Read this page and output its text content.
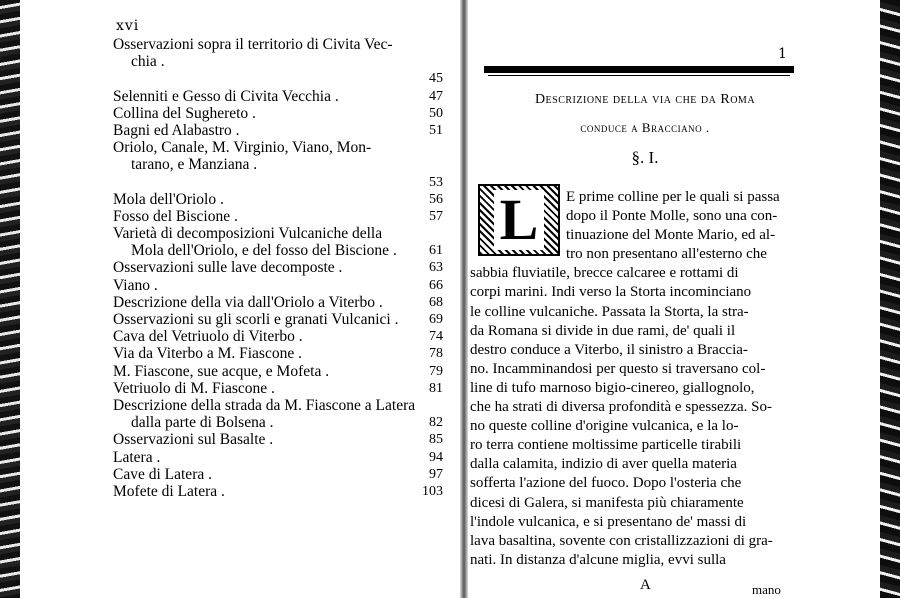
xvi
Osservazioni sopra il territorio di Civita Vec-
chia .
45
Selenniti e Gesso di Civita Vecchia .	47
Collina del Sughereto .	50
Bagni ed Alabastro .	51
Oriolo, Canale, M. Virginio, Viano, Mon-
tarano, e Manziana .
53
Mola dell'Oriolo .	56
Fosso del Biscione .	57
Varietà di decomposizioni Vulcaniche della
Mola dell'Oriolo, e del fosso del Biscione . 61
Osservazioni sulle lave decomposte .	63
Viano .	66
Descrizione della via dall'Oriolo a Viterbo .	68
Osservazioni su gli scorli e granati Vulcanici . 69
Cava del Vetriuolo di Viterbo .	74
Via da Viterbo a M. Fiascone .	78
M. Fiascone, sue acque, e Mofeta .	79
Vetriuolo di M. Fiascone .	81
Descrizione della strada da M. Fiascone a Latera
dalla parte di Bolsena .	82
Osservazioni sul Basalte .	85
Latera .	94
Cave di Latera .	97
Mofete di Latera .	103
1
Descrizione della via che da Roma
conduce a Bracciano .
§. I.
L	E prime colline per le quali si passa
dopo il Ponte Molle, sono una con-
tinuazione del Monte Mario, ed al-
tro non presentano all'esterno che
sabbia fluviatile, brecce calcaree e rottami di
corpi marini. Indi verso la Storta incominciano
le colline vulcaniche. Passata la Storta, la stra-
da Romana si divide in due rami, de' quali il
destro conduce a Viterbo, il sinistro a Braccia-
no. Incamminandosi per questo si traversano col-
line di tufo marnoso bigio-cinereo, giallognolo,
che ha strati di diversa profondità e spessezza. So-
no queste colline d'origine vulcanica, e la lo-
ro terra contiene moltissime particelle tirabili
dalla calamita, indizio di aver quella materia
sofferta l'azione del fuoco. Dopo l'osteria che
dicesi di Galera, si manifesta più chiaramente
l'indole vulcanica, e si presentano de' massi di
lava basaltina, sovente con cristallizzazioni di gra-
nati. In distanza d'alcune miglia, evvi sulla
A	mano
